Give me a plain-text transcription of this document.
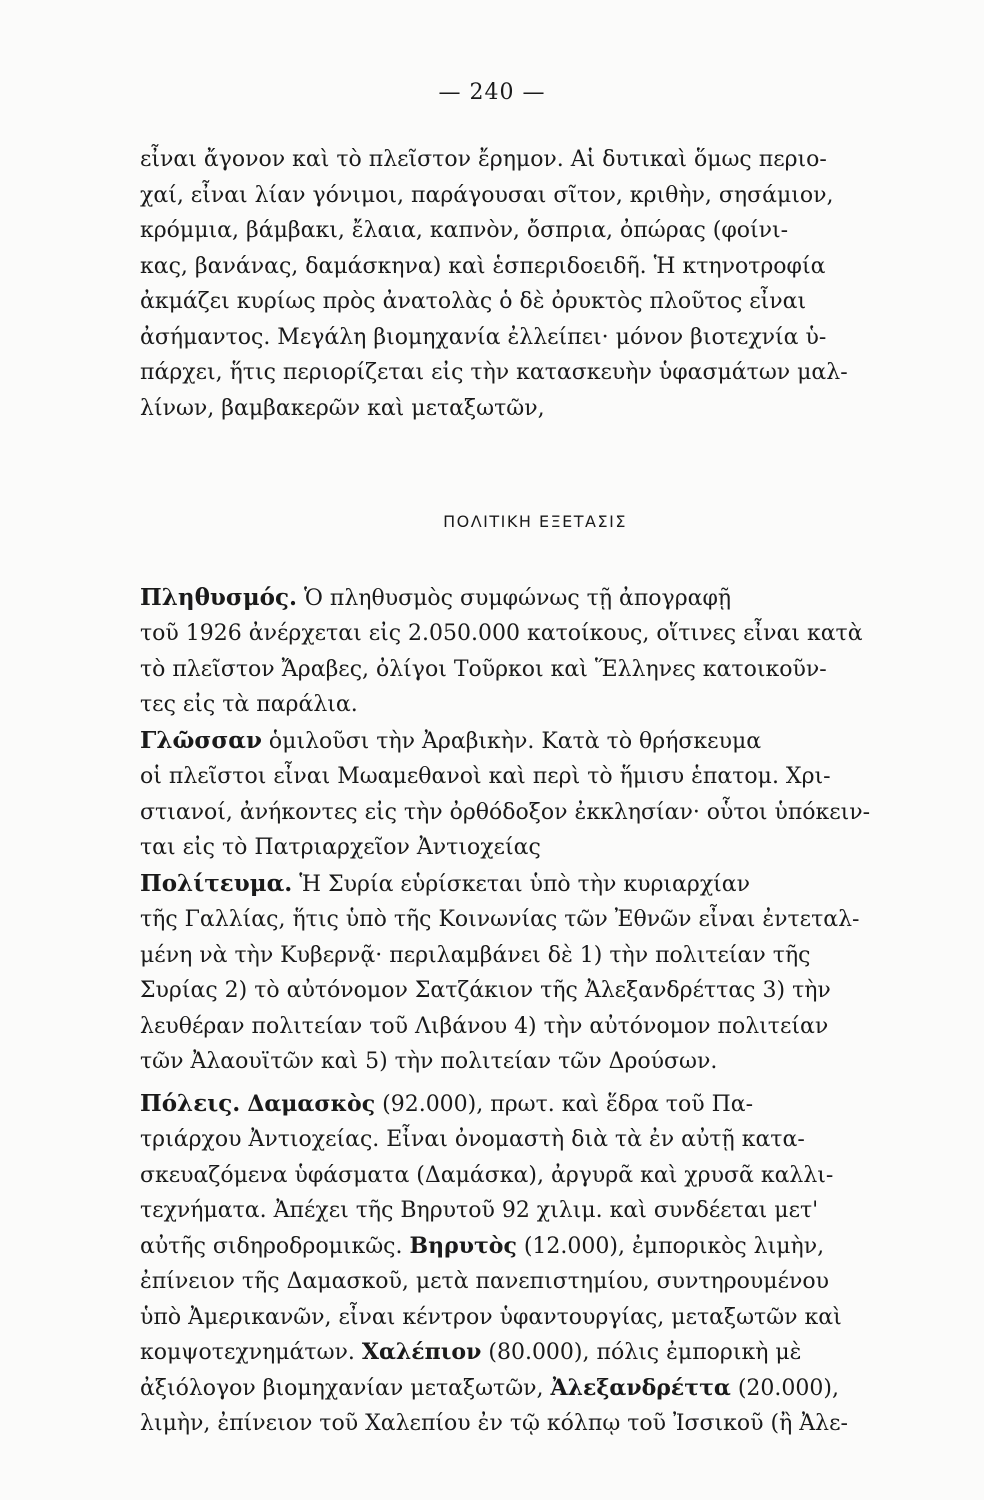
— 240 —
εἶναι ἄγονον καὶ τὸ πλεῖστον ἔρημον. Αἱ δυτικαὶ ὅμως περιο-
χαί, εἶναι λίαν γόνιμοι, παράγουσαι σῖτον, κριθὴν, σησάμιον,
κρόμμια, βάμβακι, ἔλαια, καπνὸν, ὄσπρια, ὀπώρας (φοίνι-
κας, βανάνας, δαμάσκηνα) καὶ ἑσπεριδοειδῆ. Ἡ κτηνοτροφία
ἀκμάζει κυρίως πρὸς ἀνατολὰς ὁ δὲ ὀρυκτὸς πλοῦτος εἶναι
ἀσήμαντος. Μεγάλη βιομηχανία ἐλλείπει· μόνον βιοτεχνία ὑ-
πάρχει, ἥτις περιορίζεται εἰς τὴν κατασκευὴν ὑφασμάτων μαλ-
λίνων, βαμβακερῶν καὶ μεταξωτῶν,
ΠΟΛΙΤΙΚΗ ΕΞΕΤΑΣΙΣ
Πληθυσμός. Ὁ πληθυσμὸς συμφώνως τῇ ἀπογραφῇ
τοῦ 1926 ἀνέρχεται εἰς 2.050.000 κατοίκους, οἵτινες εἶναι κατὰ
τὸ πλεῖστον Ἄραβες, ὀλίγοι Τοῦρκοι καὶ Ἕλληνες κατοικοῦν-
τες εἰς τὰ παράλια.
Γλῶσσαν ὁμιλοῦσι τὴν Ἀραβικὴν. Κατὰ τὸ θρήσκευμα
οἱ πλεῖστοι εἶναι Μωαμεθανοὶ καὶ περὶ τὸ ἥμισυ ἑπατομ. Χρι-
στιανοί, ἀνήκοντες εἰς τὴν ὀρθόδοξον ἐκκλησίαν· οὗτοι ὑπόκειν-
ται εἰς τὸ Πατριαρχεῖον Ἀντιοχείας
Πολίτευμα. Ἡ Συρία εὑρίσκεται ὑπὸ τὴν κυριαρχίαν
τῆς Γαλλίας, ἥτις ὑπὸ τῆς Κοινωνίας τῶν Ἐθνῶν εἶναι ἐντεταλ-
μένη νὰ τὴν Κυβερνᾷ· περιλαμβάνει δὲ 1) τὴν πολιτείαν τῆς
Συρίας 2) τὸ αὐτόνομον Σατζάκιον τῆς Ἀλεξανδρέττας 3) τὴν
λευθέραν πολιτείαν τοῦ Λιβάνου 4) τὴν αὐτόνομον πολιτείαν
τῶν Ἀλαουϊτῶν καὶ 5) τὴν πολιτείαν τῶν Δρούσων.
Πόλεις. Δαμασκὸς (92.000), πρωτ. καὶ ἕδρα τοῦ Πα-
τριάρχου Ἀντιοχείας. Εἶναι ὀνομαστὴ διὰ τὰ ἐν αὐτῇ κατα-
σκευαζόμενα ὑφάσματα (Δαμάσκα), ἀργυρᾶ καὶ χρυσᾶ καλλι-
τεχνήματα. Ἀπέχει τῆς Βηρυτοῦ 92 χιλιμ. καὶ συνδέεται μετ'
αὐτῆς σιδηροδρομικῶς. Βηρυτὸς (12.000), ἐμπορικὸς λιμὴν,
ἐπίνειον τῆς Δαμασκοῦ, μετὰ πανεπιστημίου, συντηρουμένου
ὑπὸ Ἀμερικανῶν, εἶναι κέντρον ὑφαντουργίας, μεταξωτῶν καὶ
κομψοτεχνημάτων. Χαλέπιον (80.000), πόλις ἐμπορικὴ μὲ
ἀξιόλογον βιομηχανίαν μεταξωτῶν, Ἀλεξανδρέττα (20.000),
λιμὴν, ἐπίνειον τοῦ Χαλεπίου ἐν τῷ κόλπῳ τοῦ Ἰσσικοῦ (ἢ Ἀλε-
